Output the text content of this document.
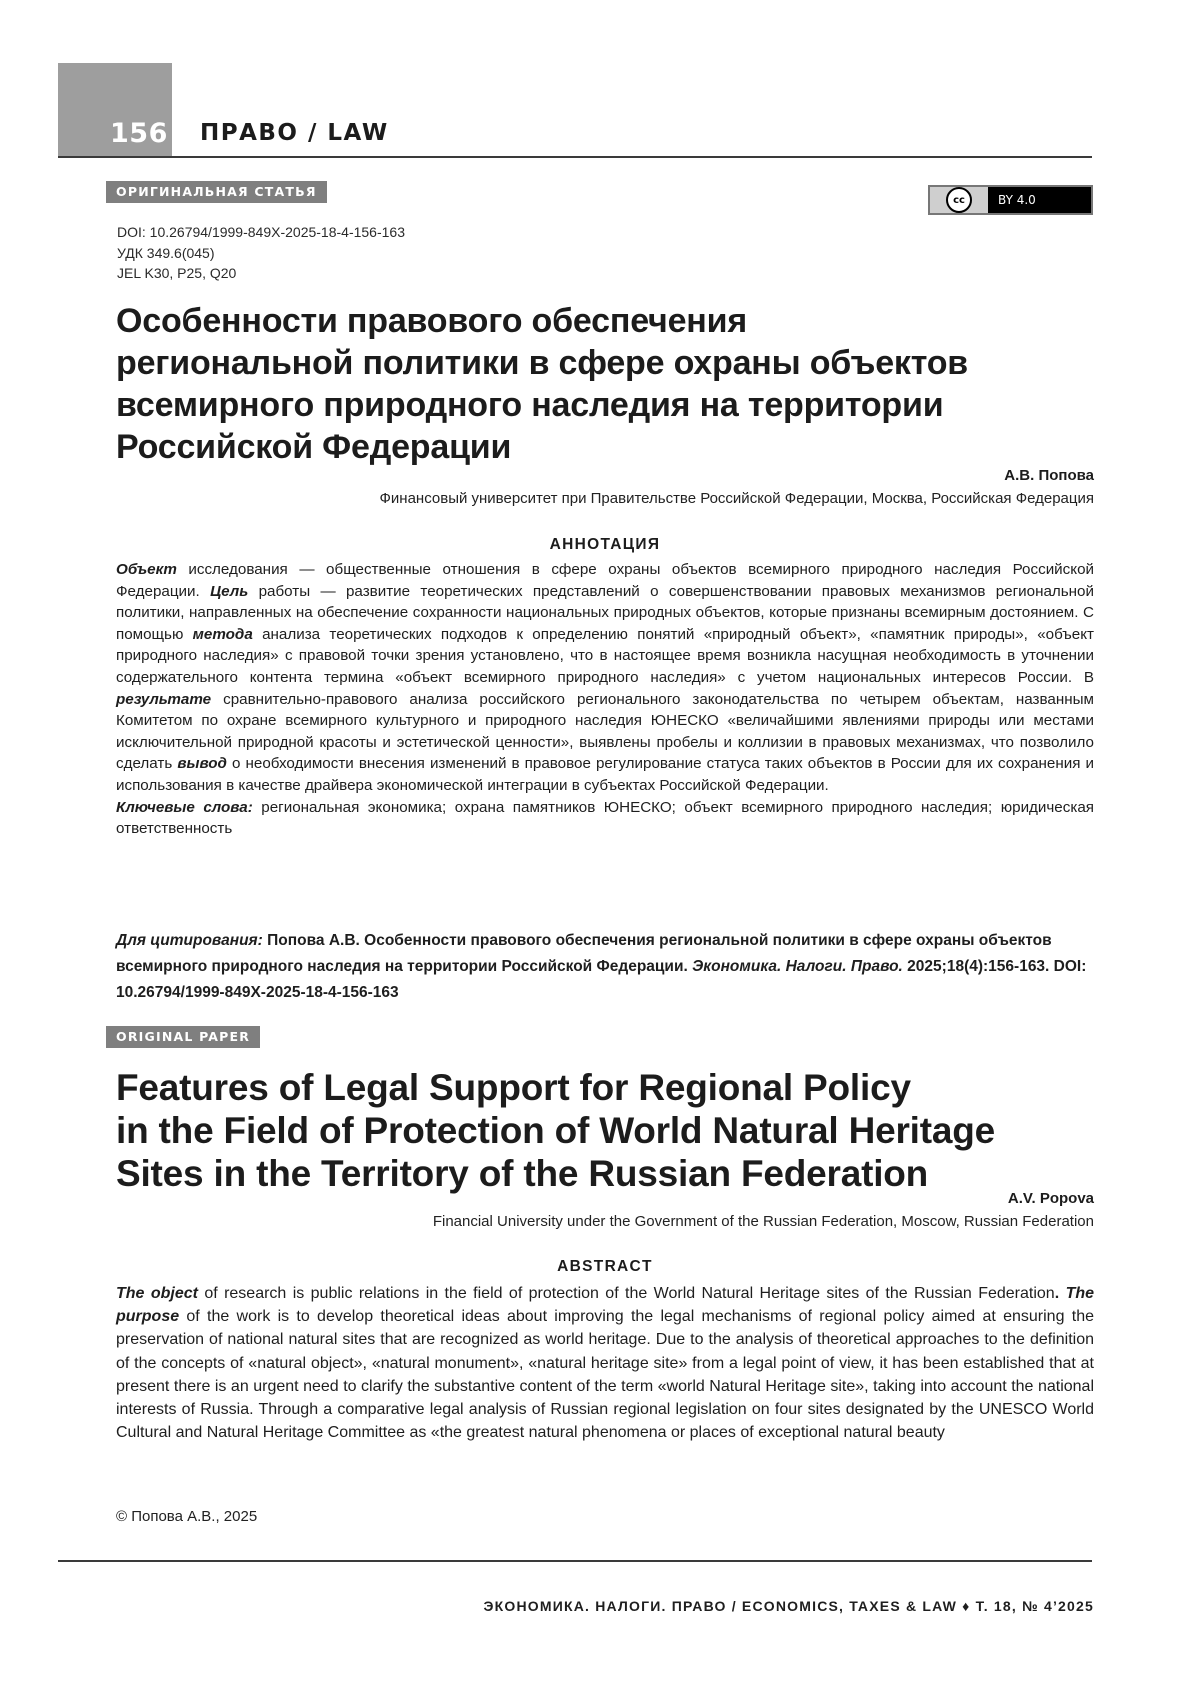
156 ПРАВО / LAW
ОРИГИНАЛЬНАЯ СТАТЬЯ
cc	BY 4.0
DOI: 10.26794/1999-849X-2025-18-4-156-163
УДК 349.6(045)
JEL K30, P25, Q20
Особенности правового обеспечения
региональной политики в сфере охраны объектов
всемирного природного наследия на территории
Российской Федерации
А.В. Попова
Финансовый университет при Правительстве Российской Федерации, Москва, Российская Федерация
АННОТАЦИЯ
Объект исследования — общественные отношения в сфере охраны объектов всемирного природного наследия Российской Федерации. Цель работы — развитие теоретических представлений о совершенствовании правовых механизмов региональной политики, направленных на обеспечение сохранности национальных природных объектов, которые признаны всемирным достоянием. С помощью метода анализа теоретических подходов к определению понятий «природный объект», «памятник природы», «объект природного наследия» с правовой точки зрения установлено, что в настоящее время возникла насущная необходимость в уточнении содержательного контента термина «объект всемирного природного наследия» с учетом национальных интересов России. В результате сравнительно-правового анализа российского регионального законодательства по четырем объектам, названным Комитетом по охране всемирного культурного и природного наследия ЮНЕСКО «величайшими явлениями природы или местами исключительной природной красоты и эстетической ценности», выявлены пробелы и коллизии в правовых механизмах, что позволило сделать вывод о необходимости внесения изменений в правовое регулирование статуса таких объектов в России для их сохранения и использования в качестве драйвера экономической интеграции в субъектах Российской Федерации.
Ключевые слова: региональная экономика; охрана памятников ЮНЕСКО; объект всемирного природного наследия; юридическая ответственность
Для цитирования: Попова А.В. Особенности правового обеспечения региональной политики в сфере охраны объектов всемирного природного наследия на территории Российской Федерации. Экономика. Налоги. Право. 2025;18(4):156-163. DOI: 10.26794/1999-849X-2025-18-4-156-163
ORIGINAL PAPER
Features of Legal Support for Regional Policy
in the Field of Protection of World Natural Heritage
Sites in the Territory of the Russian Federation
A.V. Popova
Financial University under the Government of the Russian Federation, Moscow, Russian Federation
ABSTRACT
The object of research is public relations in the field of protection of the World Natural Heritage sites of the Russian Federation. The purpose of the work is to develop theoretical ideas about improving the legal mechanisms of regional policy aimed at ensuring the preservation of national natural sites that are recognized as world heritage. Due to the analysis of theoretical approaches to the definition of the concepts of «natural object», «natural monument», «natural heritage site» from a legal point of view, it has been established that at present there is an urgent need to clarify the substantive content of the term «world Natural Heritage site», taking into account the national interests of Russia. Through a comparative legal analysis of Russian regional legislation on four sites designated by the UNESCO World Cultural and Natural Heritage Committee as «the greatest natural phenomena or places of exceptional natural beauty
© Попова А.В., 2025
ЭКОНОМИКА. НАЛОГИ. ПРАВО / ECONOMICS, TAXES & LAW ♦ Т. 18, № 4’2025
